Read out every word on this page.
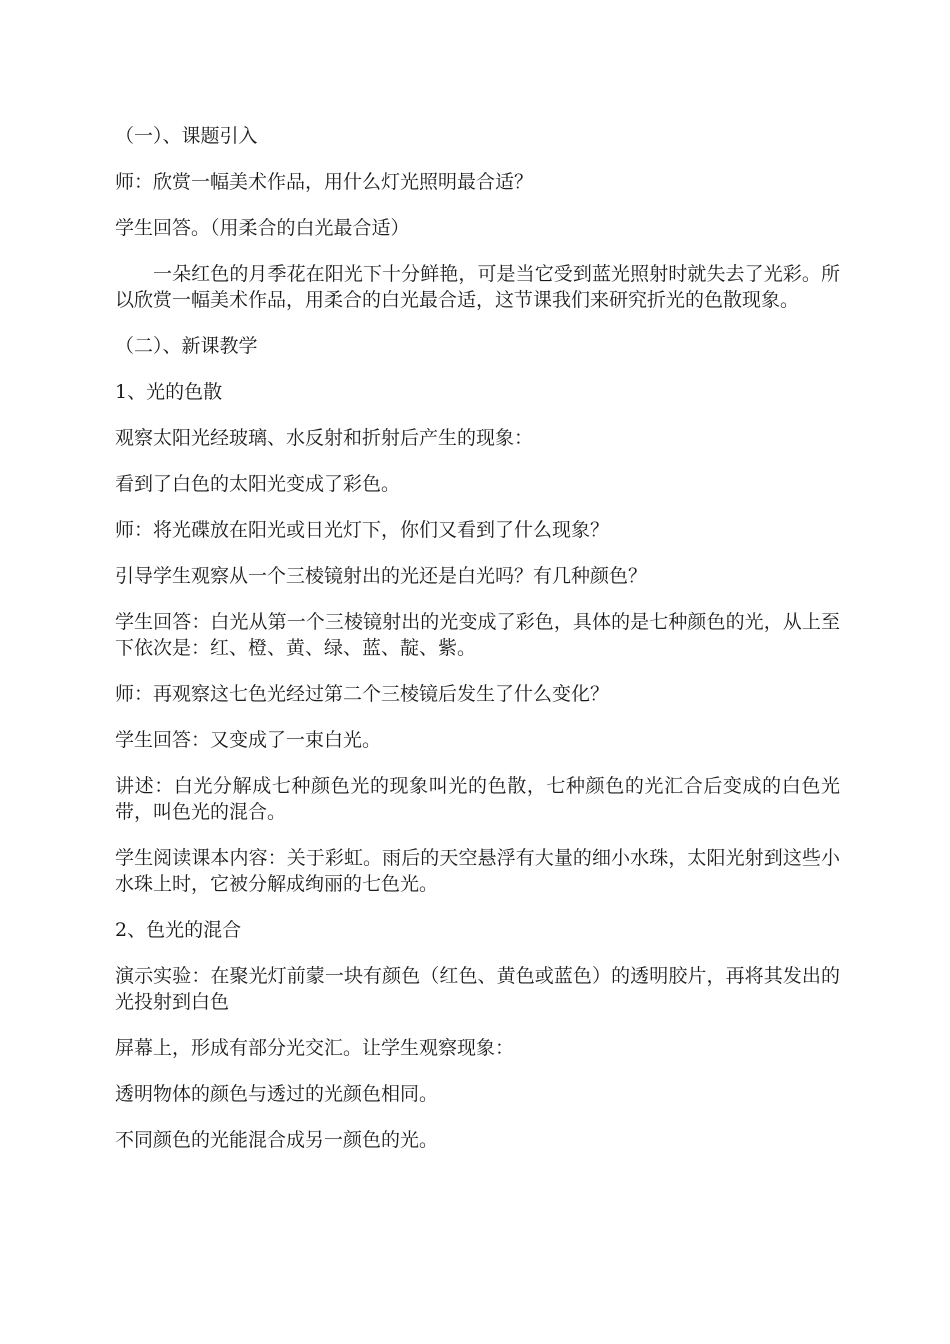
（一）、课题引入

师：欣赏一幅美术作品，用什么灯光照明最合适？

学生回答。（用柔合的白光最合适）

一朵红色的月季花在阳光下十分鲜艳，可是当它受到蓝光照射时就失去了光彩。所以欣赏一幅美术作品，用柔合的白光最合适，这节课我们来研究折光的色散现象。

（二）、新课教学

1、光的色散

观察太阳光经玻璃、水反射和折射后产生的现象：

看到了白色的太阳光变成了彩色。

师：将光碟放在阳光或日光灯下，你们又看到了什么现象？

引导学生观察从一个三棱镜射出的光还是白光吗？有几种颜色？

学生回答：白光从第一个三棱镜射出的光变成了彩色，具体的是七种颜色的光，从上至下依次是：红、橙、黄、绿、蓝、靛、紫。

师：再观察这七色光经过第二个三棱镜后发生了什么变化？

学生回答：又变成了一束白光。

讲述：白光分解成七种颜色光的现象叫光的色散，七种颜色的光汇合后变成的白色光带，叫色光的混合。

学生阅读课本内容：关于彩虹。雨后的天空悬浮有大量的细小水珠，太阳光射到这些小水珠上时，它被分解成绚丽的七色光。

2、色光的混合

演示实验：在聚光灯前蒙一块有颜色（红色、黄色或蓝色）的透明胶片，再将其发出的光投射到白色

屏幕上，形成有部分光交汇。让学生观察现象：

透明物体的颜色与透过的光颜色相同。

不同颜色的光能混合成另一颜色的光。
